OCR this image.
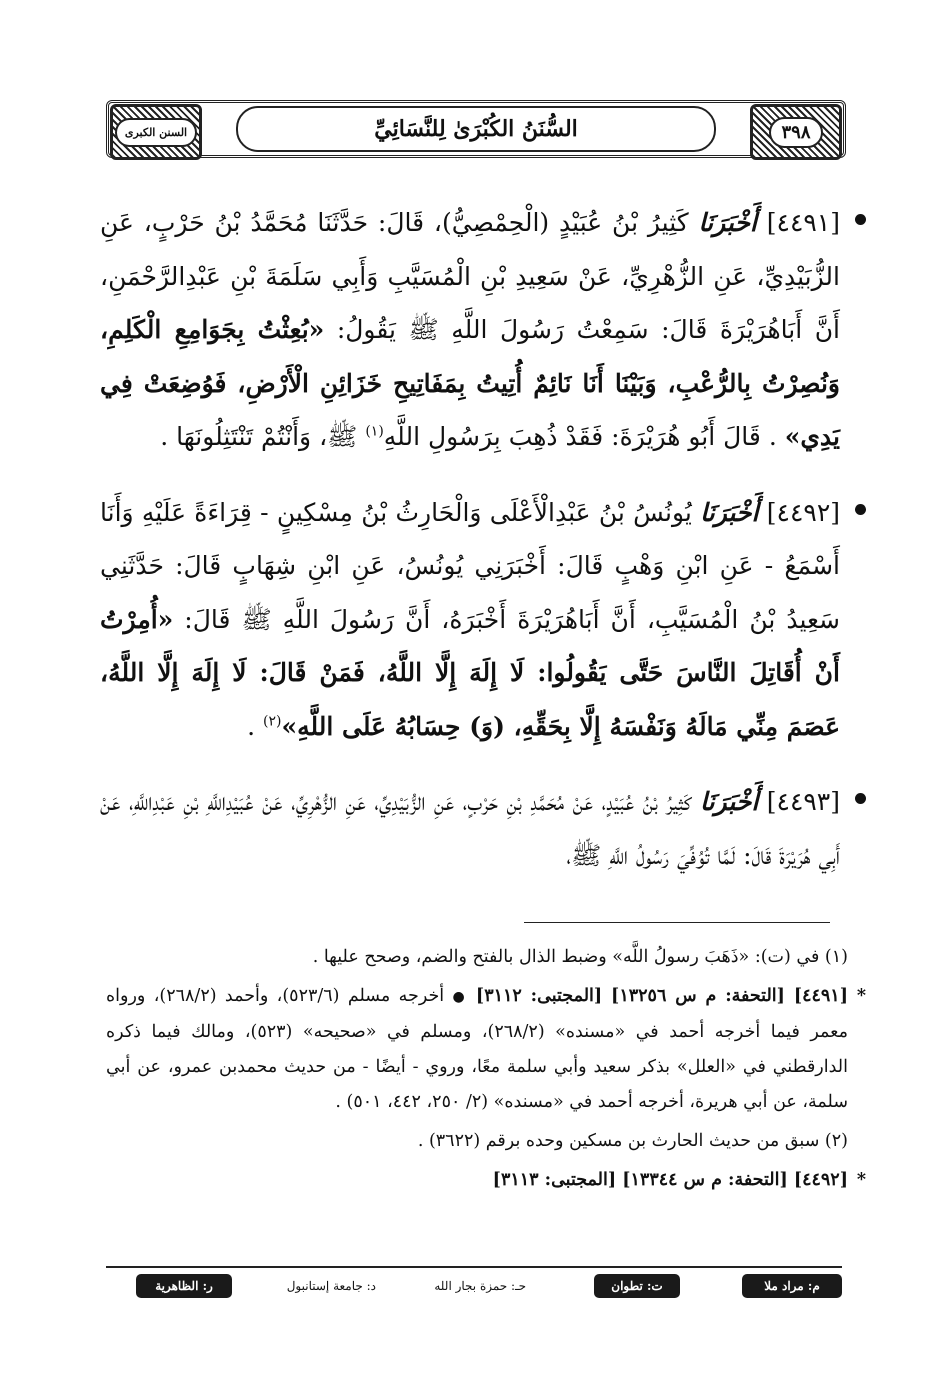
السنن الكبرى	السُّنَنُ الكُبْرَىٰ لِلنَّسَائِيِّ	٣٩٨

[٤٤٩١] أَخْبَرَنَا كَثِيرُ بْنُ عُبَيْدٍ (الْحِمْصِيُّ)، قَالَ: حَدَّثَنَا مُحَمَّدُ بْنُ حَرْبٍ، عَنِ الزُّبَيْدِيِّ، عَنِ الزُّهْرِيِّ، عَنْ سَعِيدِ بْنِ الْمُسَيَّبِ وَأَبِي سَلَمَةَ بْنِ عَبْدِالرَّحْمَنِ، أَنَّ أَبَاهُرَيْرَةَ قَالَ: سَمِعْتُ رَسُولَ اللَّهِ ﷺ يَقُولُ: «بُعِثْتُ بِجَوَامِعِ الْكَلِمِ، وَنُصِرْتُ بِالرُّعْبِ، وَبَيْنَا أَنَا نَائِمٌ أُتِيتُ بِمَفَاتِيحِ خَزَائِنِ الْأَرْضِ، فَوُضِعَتْ فِي يَدِي» . قَالَ أَبُو هُرَيْرَةَ: فَقَدْ ذُهِبَ بِرَسُولِ اللَّهِ$^{(١)}$ ﷺ، وَأَنْتُمْ تَنْتَثِلُونَهَا .

[٤٤٩٢] أَخْبَرَنَا يُونُسُ بْنُ عَبْدِالْأَعْلَى وَالْحَارِثُ بْنُ مِسْكِينٍ - قِرَاءَةً عَلَيْهِ وَأَنَا أَسْمَعُ - عَنِ ابْنِ وَهْبٍ قَالَ: أَخْبَرَنِي يُونُسُ، عَنِ ابْنِ شِهَابٍ قَالَ: حَدَّثَنِي سَعِيدُ بْنُ الْمُسَيَّبِ، أَنَّ أَبَاهُرَيْرَةَ أَخْبَرَهُ، أَنَّ رَسُولَ اللَّهِ ﷺ قَالَ: «أُمِرْتُ أَنْ أُقَاتِلَ النَّاسَ حَتَّى يَقُولُوا: لَا إِلَهَ إِلَّا اللَّهُ، فَمَنْ قَالَ: لَا إِلَهَ إِلَّا اللَّهُ، عَصَمَ مِنِّي مَالَهُ وَنَفْسَهُ إِلَّا بِحَقِّهِ، (وَ) حِسَابُهُ عَلَى اللَّهِ»$^{(٢)}$ .

[٤٤٩٣] أَخْبَرَنَا كَثِيرُ بْنُ عُبَيْدٍ، عَنْ مُحَمَّدِ بْنِ حَرْبٍ، عَنِ الزُّبَيْدِيِّ، عَنِ الزُّهْرِيِّ، عَنْ عُبَيْدِاللَّهِ بْنِ عَبْدِاللَّهِ، عَنْ أَبِي هُرَيْرَةَ قَالَ: لَمَّا تُوُفِّيَ رَسُولُ اللَّهِ ﷺ،

(١) في (ت): «ذَهَبَ رسولُ اللَّه» وضبط الذال بالفتح والضم، وصحح عليها .

*
[٤٤٩١] [التحفة: م س ١٣٢٥٦] [المجتبى: ٣١١٢] ● أخرجه مسلم (٥٢٣/٦)، وأحمد (٢٦٨/٢)، ورواه معمر فيما أخرجه أحمد في «مسنده» (٢٦٨/٢)، ومسلم في «صحيحه» (٥٢٣)، ومالك فيما ذكره الدارقطني في «العلل» بذكر سعيد وأبي سلمة معًا، وروي - أيضًا - من حديث محمدبن عمرو، عن أبي سلمة، عن أبي هريرة، أخرجه أحمد في «مسنده» (٢/ ٢٥٠، ٤٤٢، ٥٠١) .

(٢) سبق من حديث الحارث بن مسكين وحده برقم (٣٦٢٢) .

*
[٤٤٩٢] [التحفة: م س ١٣٣٤٤] [المجتبى: ٣١١٣]

م: مراد ملا
ت: تطوان
حـ: حمزة بجار الله
د: جامعة إستانبول
ر: الظاهرية
